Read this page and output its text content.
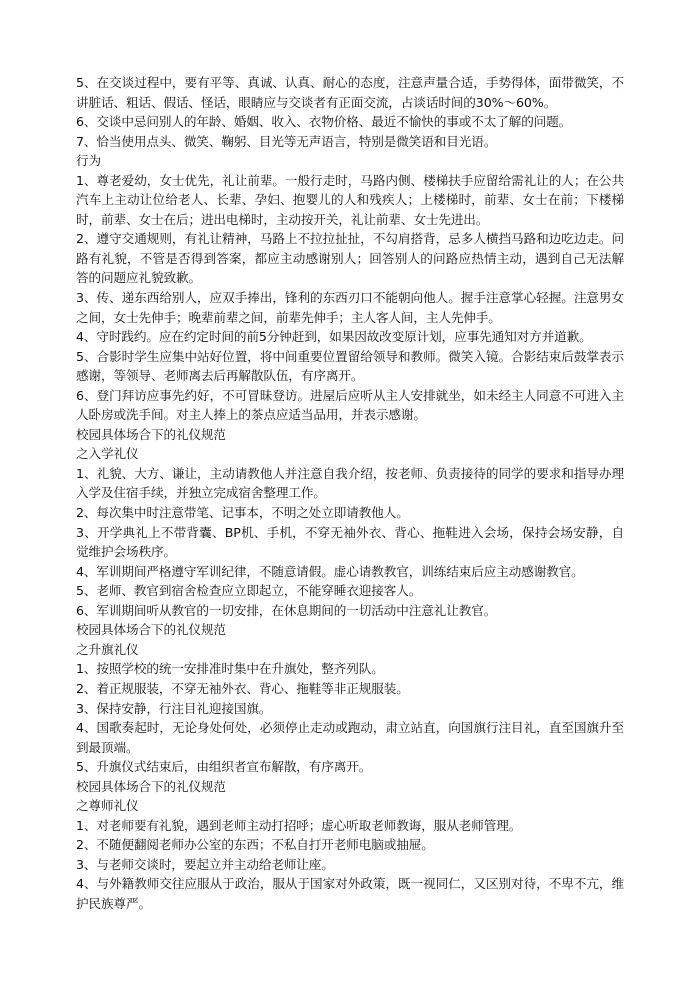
5、在交谈过程中，要有平等、真诚、认真、耐心的态度，注意声量合适，手势得体，面带微笑，不讲脏话、粗话、假话、怪话，眼睛应与交谈者有正面交流，占谈话时间的30%～60%。

6、交谈中忌问别人的年龄、婚姻、收入、衣物价格、最近不愉快的事或不太了解的问题。

7、恰当使用点头、微笑、鞠躬、目光等无声语言，特别是微笑语和目光语。

行为

1、尊老爱幼，女士优先，礼让前辈。一般行走时，马路内侧、楼梯扶手应留给需礼让的人；在公共汽车上主动让位给老人、长辈、孕妇、抱婴儿的人和残疾人；上楼梯时，前辈、女士在前；下楼梯时，前辈、女士在后；进出电梯时，主动按开关，礼让前辈、女士先进出。

2、遵守交通规则，有礼让精神，马路上不拉拉扯扯，不勾肩搭背，忌多人横挡马路和边吃边走。问路有礼貌，不管是否得到答案，都应主动感谢别人；回答别人的问路应热情主动，遇到自己无法解答的问题应礼貌致歉。

3、传、递东西给别人，应双手捧出，锋利的东西刃口不能朝向他人。握手注意掌心轻握。注意男女之间，女士先伸手；晚辈前辈之间，前辈先伸手；主人客人间，主人先伸手。

4、守时践约。应在约定时间的前5分钟赶到，如果因故改变原计划，应事先通知对方并道歉。

5、合影时学生应集中站好位置，将中间重要位置留给领导和教师。微笑入镜。合影结束后鼓掌表示感谢，等领导、老师离去后再解散队伍，有序离开。

6、登门拜访应事先约好，不可冒昧登访。进屋后应听从主人安排就坐，如未经主人同意不可进入主人卧房或洗手间。对主人捧上的茶点应适当品用，并表示感谢。

校园具体场合下的礼仪规范

之入学礼仪

1、礼貌、大方、谦让，主动请教他人并注意自我介绍，按老师、负责接待的同学的要求和指导办理入学及住宿手续，并独立完成宿舍整理工作。

2、每次集中时注意带笔、记事本，不明之处立即请教他人。

3、开学典礼上不带背囊、BP机、手机，不穿无袖外衣、背心、拖鞋进入会场，保持会场安静，自觉维护会场秩序。

4、军训期间严格遵守军训纪律，不随意请假。虚心请教教官，训练结束后应主动感谢教官。

5、老师、教官到宿舍检查应立即起立，不能穿睡衣迎接客人。

6、军训期间听从教官的一切安排，在休息期间的一切活动中注意礼让教官。

校园具体场合下的礼仪规范

之升旗礼仪

1、按照学校的统一安排准时集中在升旗处，整齐列队。

2、着正规服装，不穿无袖外衣、背心、拖鞋等非正规服装。

3、保持安静，行注目礼迎接国旗。

4、国歌奏起时，无论身处何处，必须停止走动或跑动，肃立站直，向国旗行注目礼，直至国旗升至到最顶端。

5、升旗仪式结束后，由组织者宣布解散，有序离开。

校园具体场合下的礼仪规范

之尊师礼仪

1、对老师要有礼貌，遇到老师主动打招呼；虚心听取老师教诲，服从老师管理。

2、不随便翻阅老师办公室的东西；不私自打开老师电脑或抽屉。

3、与老师交谈时，要起立并主动给老师让座。

4、与外籍教师交往应服从于政治，服从于国家对外政策，既一视同仁，又区别对待，不卑不亢，维护民族尊严。
